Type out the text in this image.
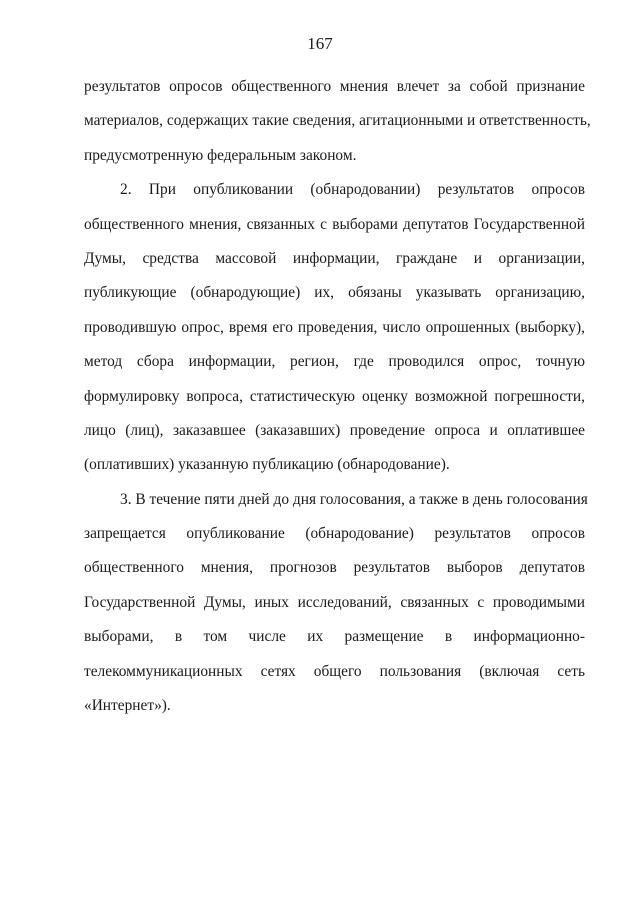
167
результатов опросов общественного мнения влечет за собой признание
материалов, содержащих такие сведения, агитационными и ответственность,
предусмотренную федеральным законом.
2. При опубликовании (обнародовании) результатов опросов
общественного мнения, связанных с выборами депутатов Государственной
Думы, средства массовой информации, граждане и организации,
публикующие (обнародующие) их, обязаны указывать организацию,
проводившую опрос, время его проведения, число опрошенных (выборку),
метод сбора информации, регион, где проводился опрос, точную
формулировку вопроса, статистическую оценку возможной погрешности,
лицо (лиц), заказавшее (заказавших) проведение опроса и оплатившее
(оплативших) указанную публикацию (обнародование).
3. В течение пяти дней до дня голосования, а также в день голосования
запрещается опубликование (обнародование) результатов опросов
общественного мнения, прогнозов результатов выборов депутатов
Государственной Думы, иных исследований, связанных с проводимыми
выборами, в том числе их размещение в информационно-
телекоммуникационных сетях общего пользования (включая сеть
«Интернет»).
